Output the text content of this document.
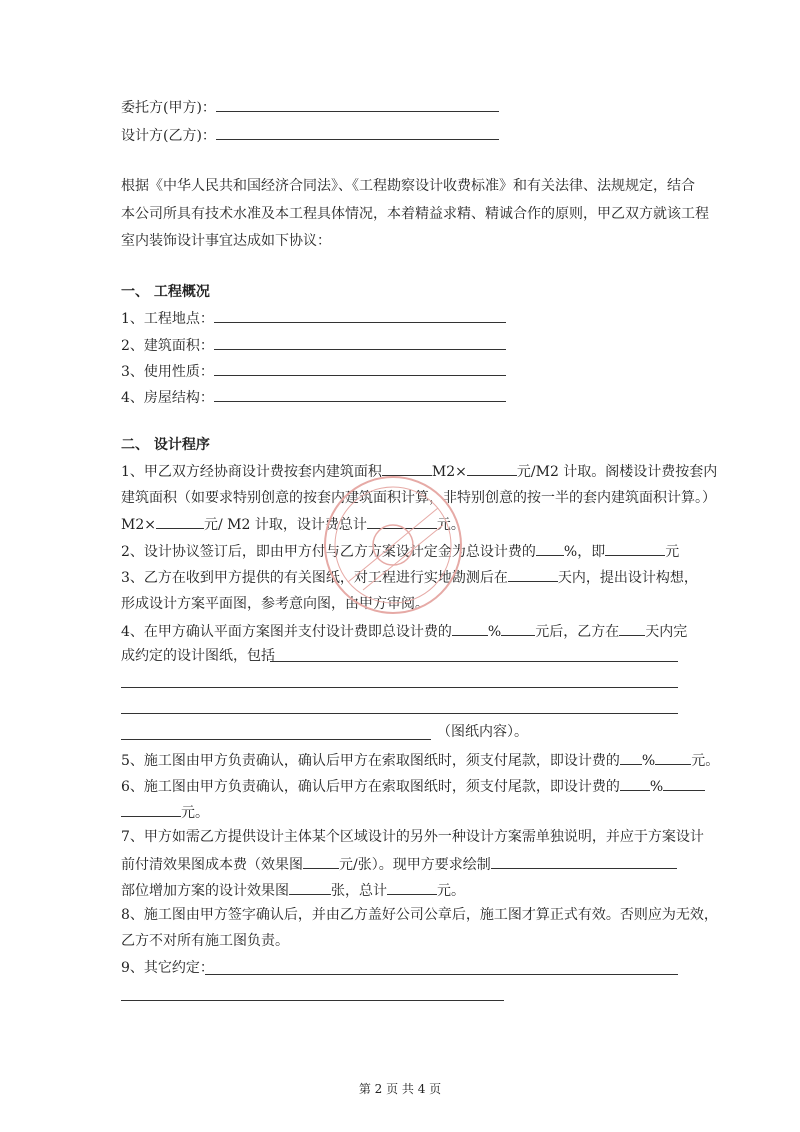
委托方(甲方)：
设计方(乙方)：
根据《中华人民共和国经济合同法》、《工程勘察设计收费标准》和有关法律、法规规定，结合
本公司所具有技术水准及本工程具体情况，本着精益求精、精诚合作的原则，甲乙双方就该工程
室内装饰设计事宜达成如下协议：
一、 工程概况
1、工程地点：
2、建筑面积：
3、使用性质：
4、房屋结构：
二、 设计程序
1、甲乙双方经协商设计费按套内建筑面积	M2×	元/M2 计取。阁楼设计费按套内
建筑面积（如要求特别创意的按套内建筑面积计算，非特别创意的按一半的套内建筑面积计算。）
M2×	元/ M2 计取，设计费总计	元。
2、设计协议签订后，即由甲方付与乙方方案设计定金为总设计费的 %，即	元
3、乙方在收到甲方提供的有关图纸，对工程进行实地勘测后在	天内，提出设计构想，
形成设计方案平面图，参考意向图，由甲方审阅。
4、在甲方确认平面方案图并支付设计费即总设计费的	% 元后，乙方在 天内完
成约定的设计图纸，包括
（图纸内容）。
5、施工图由甲方负责确认，确认后甲方在索取图纸时，须支付尾款，即设计费的 %	元。
6、施工图由甲方负责确认，确认后甲方在索取图纸时，须支付尾款，即设计费的 %
元。
7、甲方如需乙方提供设计主体某个区域设计的另外一种设计方案需单独说明，并应于方案设计
前付清效果图成本费（效果图	元/张）。现甲方要求绘制
部位增加方案的设计效果图	张，总计	元。
8、施工图由甲方签字确认后，并由乙方盖好公司公章后，施工图才算正式有效。否则应为无效，
乙方不对所有施工图负责。
9、其它约定：
第 2 页 共 4 页
